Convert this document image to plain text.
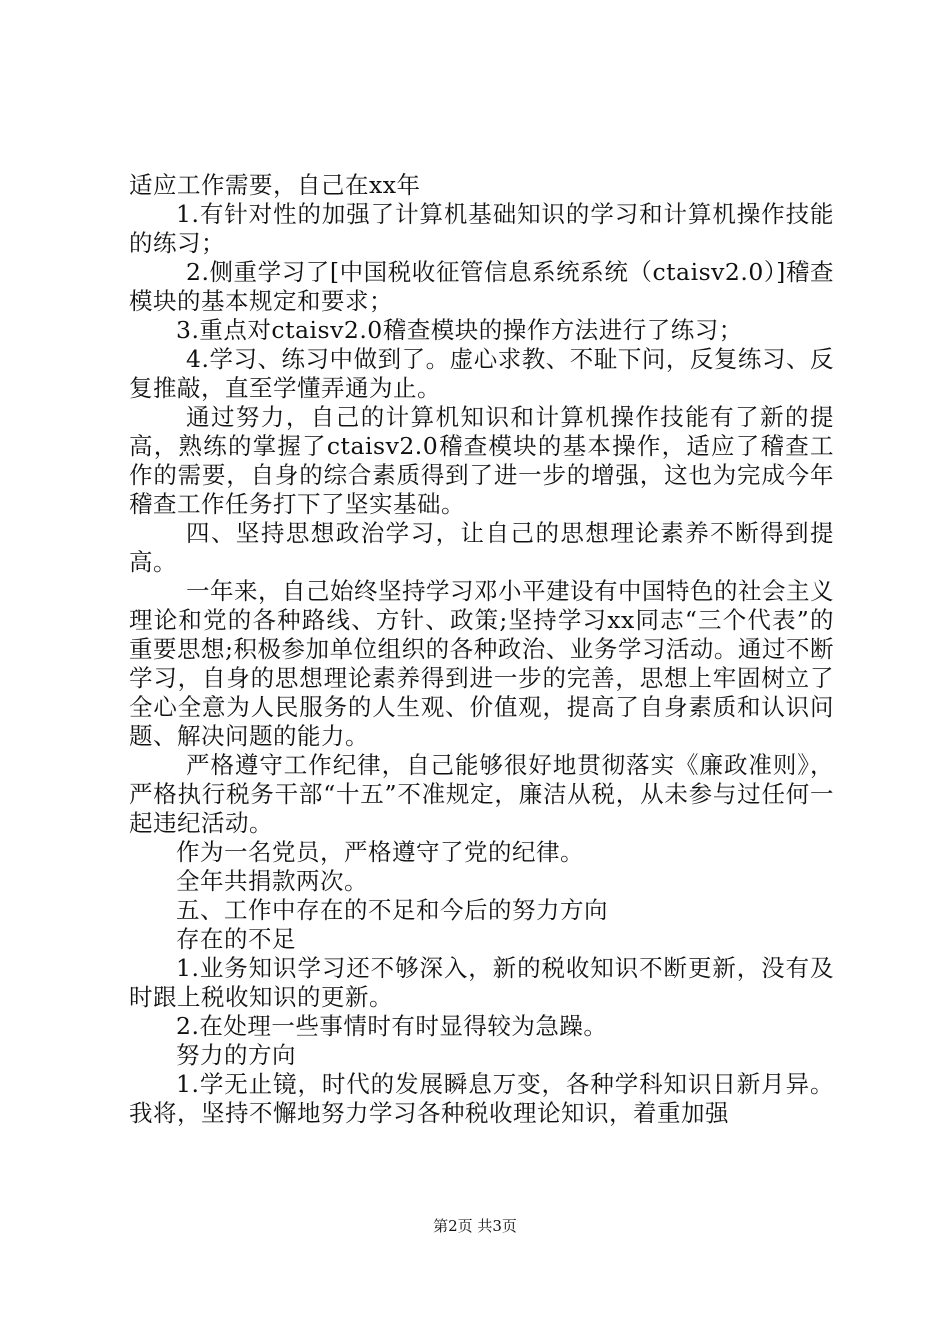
适应工作需要，自己在xx年

1.有针对性的加强了计算机基础知识的学习和计算机操作技能的练习；

2.侧重学习了[中国税收征管信息系统系统（ctaisv2.0）]稽查模块的基本规定和要求；

3.重点对ctaisv2.0稽查模块的操作方法进行了练习；

4.学习、练习中做到了。虚心求教、不耻下问，反复练习、反复推敲，直至学懂弄通为止。

通过努力，自己的计算机知识和计算机操作技能有了新的提高，熟练的掌握了ctaisv2.0稽查模块的基本操作，适应了稽查工作的需要，自身的综合素质得到了进一步的增强，这也为完成今年稽查工作任务打下了坚实基础。

四、坚持思想政治学习，让自己的思想理论素养不断得到提高。

一年来，自己始终坚持学习邓小平建设有中国特色的社会主义理论和党的各种路线、方针、政策;坚持学习xx同志“三个代表”的重要思想;积极参加单位组织的各种政治、业务学习活动。通过不断学习，自身的思想理论素养得到进一步的完善，思想上牢固树立了全心全意为人民服务的人生观、价值观，提高了自身素质和认识问题、解决问题的能力。

严格遵守工作纪律，自己能够很好地贯彻落实《廉政准则》，严格执行税务干部“十五”不准规定，廉洁从税，从未参与过任何一起违纪活动。

作为一名党员，严格遵守了党的纪律。

全年共捐款两次。

五、工作中存在的不足和今后的努力方向

存在的不足

1.业务知识学习还不够深入，新的税收知识不断更新，没有及时跟上税收知识的更新。

2.在处理一些事情时有时显得较为急躁。

努力的方向

1.学无止镜，时代的发展瞬息万变，各种学科知识日新月异。我将，坚持不懈地努力学习各种税收理论知识，着重加强

第2页 共3页
